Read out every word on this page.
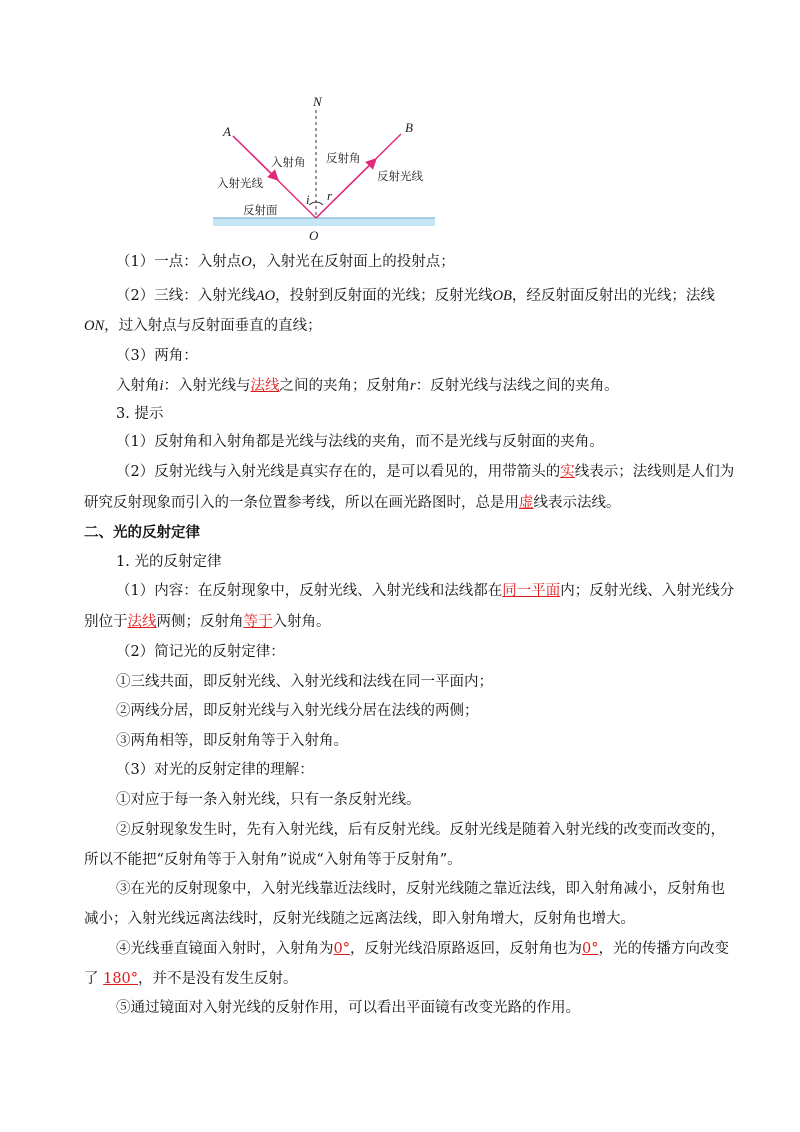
N
A	B
O
i r
入射角 反射角
入射光线	反射光线
反射面
（1）一点：入射点O，入射光在反射面上的投射点；
（2）三线：入射光线AO，投射到反射面的光线；反射光线OB，经反射面反射出的光线；法线
ON，过入射点与反射面垂直的直线；
（3）两角：
入射角i：入射光线与法线之间的夹角；反射角r：反射光线与法线之间的夹角。
3. 提示
（1）反射角和入射角都是光线与法线的夹角，而不是光线与反射面的夹角。
（2）反射光线与入射光线是真实存在的，是可以看见的，用带箭头的实线表示；法线则是人们为
研究反射现象而引入的一条位置参考线，所以在画光路图时，总是用虚线表示法线。
二、光的反射定律
1. 光的反射定律
（1）内容：在反射现象中，反射光线、入射光线和法线都在同一平面内；反射光线、入射光线分
别位于法线两侧；反射角等于入射角。
（2）简记光的反射定律：
①三线共面，即反射光线、入射光线和法线在同一平面内；
②两线分居，即反射光线与入射光线分居在法线的两侧；
③两角相等，即反射角等于入射角。
（3）对光的反射定律的理解：
①对应于每一条入射光线，只有一条反射光线。
②反射现象发生时，先有入射光线，后有反射光线。反射光线是随着入射光线的改变而改变的，
所以不能把“反射角等于入射角”说成“入射角等于反射角”。
③在光的反射现象中，入射光线靠近法线时，反射光线随之靠近法线，即入射角减小，反射角也
减小；入射光线远离法线时，反射光线随之远离法线，即入射角增大，反射角也增大。
④光线垂直镜面入射时，入射角为0°，反射光线沿原路返回，反射角也为0°，光的传播方向改变
了 180°，并不是没有发生反射。
⑤通过镜面对入射光线的反射作用，可以看出平面镜有改变光路的作用。
